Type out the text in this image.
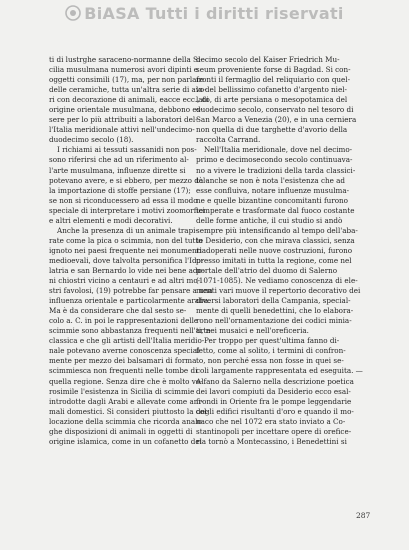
BiASA Tutti i diritti riservati
ti di lustrghe saraceno-normanne della Si-
cilia musulmana numerosi avori dipinti e
oggetti consimili (17), ma, per non parlare
delle ceramiche, tutta un'altra serie di avo-
ri con decorazione di animali, eacce ecc., di
origine orientale musulmana, debbono es-
sere per lo più attribuiti a laboratori del-
l'Italia meridionale attivi nell'undecimo-
duodecimo secolo (18).
I richiami ai tessuti sassanidi non pos-
sono riferirsi che ad un riferimento al-
l'arte musulmana, influenze dirette si
potevano avere, e si ebbero, per mezzo del-
la importazione di stoffe persiane (17);
se non si riconducessero ad essa il modo
speciale di interpretare i motivi zoomorfici
e altri elementi e modi decorativi.
Anche la presenza di un animale trapi-
rate come la pica o scimmia, non del tutto
ignoto nei paesi frequente nei monumenti
medioevali, dove talvolta personifica l'Ido-
latria e san Bernardo lo vide nei bene ado-
ni chiostri vicino a centauri e ad altri mo-
stri favolosi, (19) potrebbe far pensare a una
influenza orientale e particolarmente araba.
Ma è da considerare che dal sesto se-
colo a. C. in poi le rappresentazioni delle
scimmie sono abbastanza frequenti nell'arte
classica e che gli artisti dell'Italia meridio-
nale potevano averne conoscenza special-
mente per mezzo dei balsamari di forma
scimmiesca non frequenti nelle tombe di
quella regione. Senza dire che è molto ve-
rosimile l'esistenza in Sicilia di scimmie
introdotte dagli Arabi e allevate come ani-
mali domestici. Si consideri piuttosto la col-
locazione della scimmia che ricorda analo-
ghe disposizioni di animali in oggetti di
origine islamica, come in un cofanetto del
decimo secolo del Kaiser Friedrich Mu-
seum proveniente forse di Bagdad. Si con-
fronti il fermaglio del reliquiario con quel-
lo del bellissimo cofanetto d'argento niel-
lato, di arte persiana o mesopotamica del
duodecimo secolo, conservato nel tesoro di
San Marco a Venezia (20), e in una cerniera
non quella di due targhette d'avorio della
raccolta Carrand.
Nell'Italia meridionale, dove nel decimo-
primo e decimosecondo secolo continuava-
no a vivere le tradizioni della tarda classici-
tà anche se non è nota l'esistenza che ad
esse confluiva, notare influenze musulma-
ne e quelle bizantine concomitanti furono
temperate e trasformate dal fuoco costante
delle forme antiche, il cui studio si andò
sempre più intensificando al tempo dell'aba-
te Desiderio, con che mirava classici, senza
riadoperati nelle nuove costruzioni, furono
presso imitati in tutta la regione, come nel
portale dell'atrio del duomo di Salerno
(1071-1085). Ne vediamo conoscenza di ele-
menti vari muove il repertorio decorativo dei
diversi laboratori della Campania, special-
mente di quelli benedettini, che lo elabora-
rono nell'ornamentazione dei codici minia-
ti, nei musaici e nell'oreficeria.
Per troppo per quest'ultima fanno di-
fetto, come al solito, i termini di confron-
to, non perché essa non fosse in quei se-
coli largamente rappresentata ed eseguita. —
Alfano da Salerno nella descrizione poetica
dei lavori compiuti da Desiderio ecco esal-
frondi in Oriente fra le pompe leggendarie
degli edifici risultanti d'oro e quando il mo-
naco che nel 1072 era stato inviato a Co-
stantinopoli per incettare opere di orefice-
ria tornò a Montecassino, i Benedettini si
287
